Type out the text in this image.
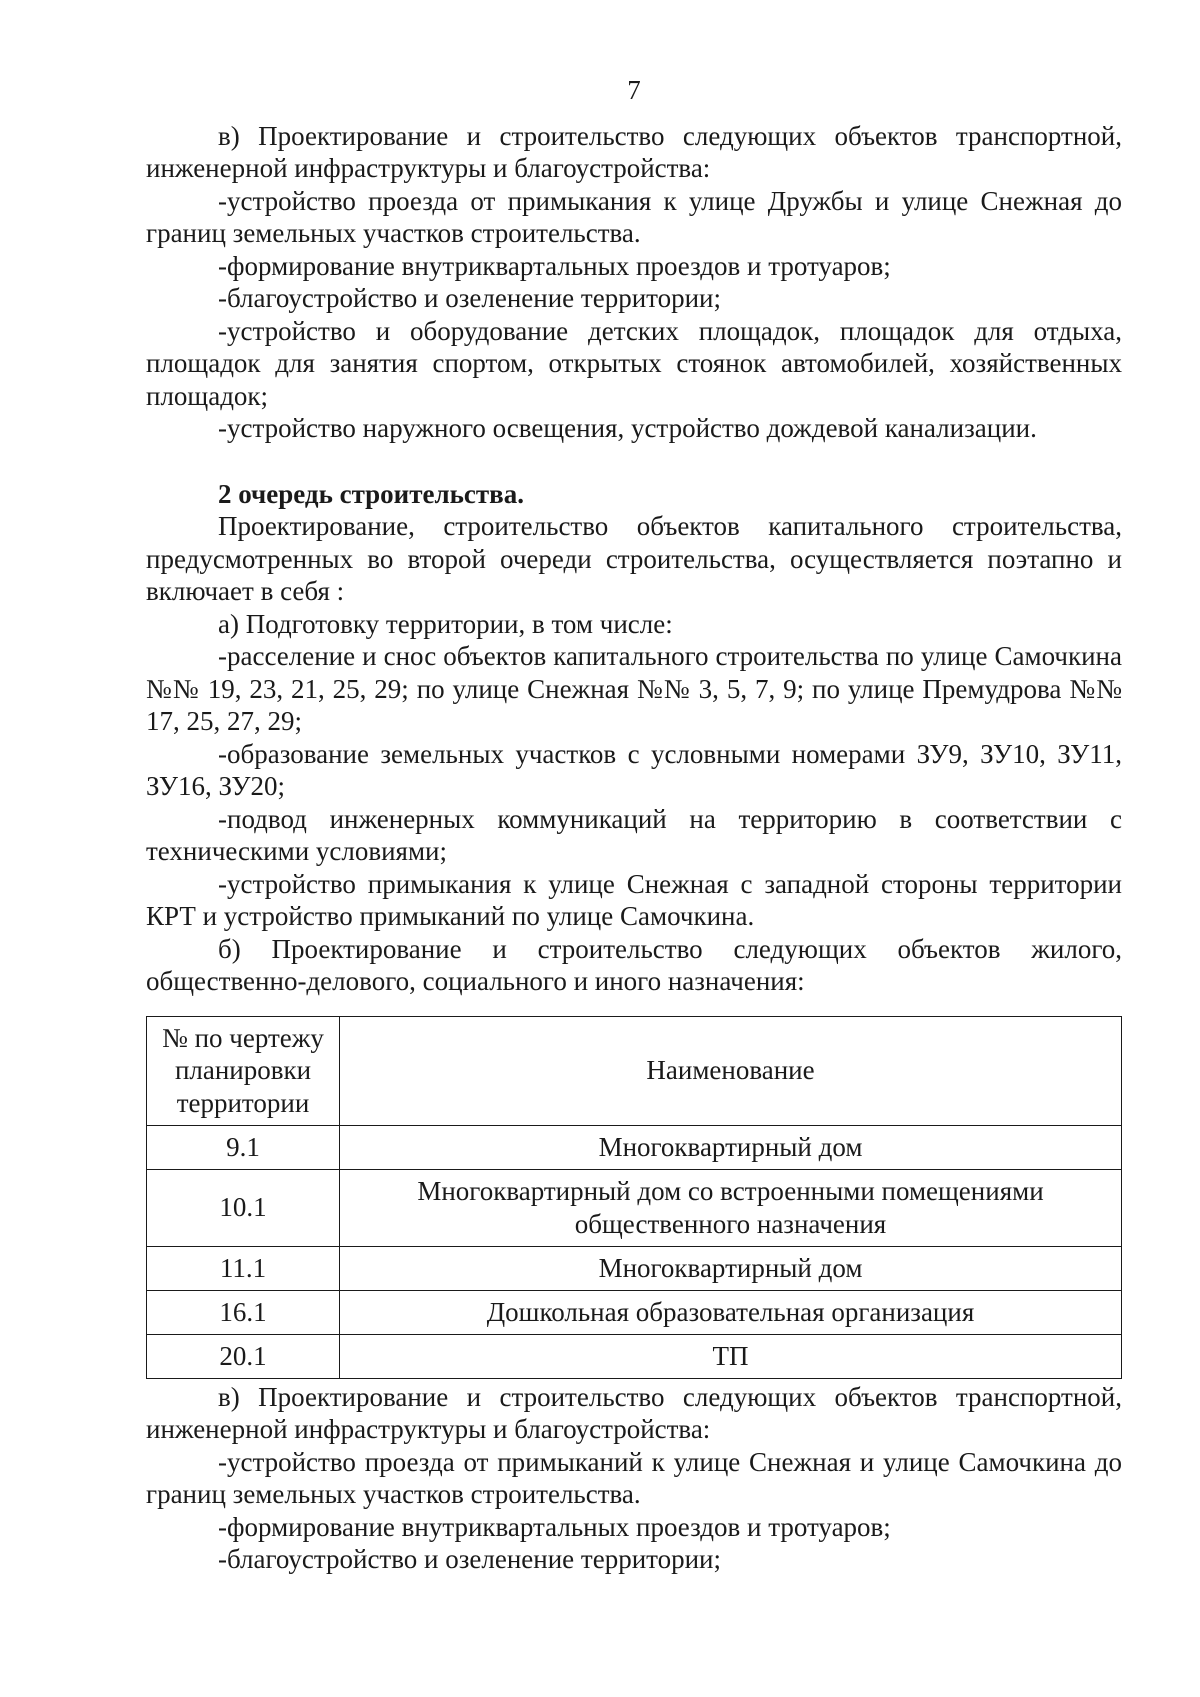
7

в) Проектирование и строительство следующих объектов транспортной, инженерной инфраструктуры и благоустройства:

-устройство проезда от примыкания к улице Дружбы и улице Снежная до границ земельных участков строительства.

-формирование внутриквартальных проездов и тротуаров;

-благоустройство и озеленение территории;

-устройство и оборудование детских площадок, площадок для отдыха, площадок для занятия спортом, открытых стоянок автомобилей, хозяйственных площадок;

-устройство наружного освещения, устройство дождевой канализации.

2 очередь строительства.

Проектирование, строительство объектов капитального строительства, предусмотренных во второй очереди строительства, осуществляется поэтапно и включает в себя :

а) Подготовку территории, в том числе:

-расселение и снос объектов капитального строительства по улице Самочкина №№ 19, 23, 21, 25, 29; по улице Снежная №№ 3, 5, 7, 9; по улице Премудрова №№ 17, 25, 27, 29;

-образование земельных участков с условными номерами ЗУ9, ЗУ10, ЗУ11, ЗУ16, ЗУ20;

-подвод инженерных коммуникаций на территорию в соответствии с техническими условиями;

-устройство примыкания к улице Снежная с западной стороны территории КРТ и устройство примыканий по улице Самочкина.

б) Проектирование и строительство следующих объектов жилого, общественно-делового, социального и иного назначения:

№ по чертежу планировки территории	Наименование
9.1	Многоквартирный дом
10.1	Многоквартирный дом со встроенными помещениями общественного назначения
11.1	Многоквартирный дом
16.1	Дошкольная образовательная организация
20.1	ТП

в) Проектирование и строительство следующих объектов транспортной, инженерной инфраструктуры и благоустройства:

-устройство проезда от примыканий к улице Снежная и улице Самочкина до границ земельных участков строительства.

-формирование внутриквартальных проездов и тротуаров;

-благоустройство и озеленение территории;
